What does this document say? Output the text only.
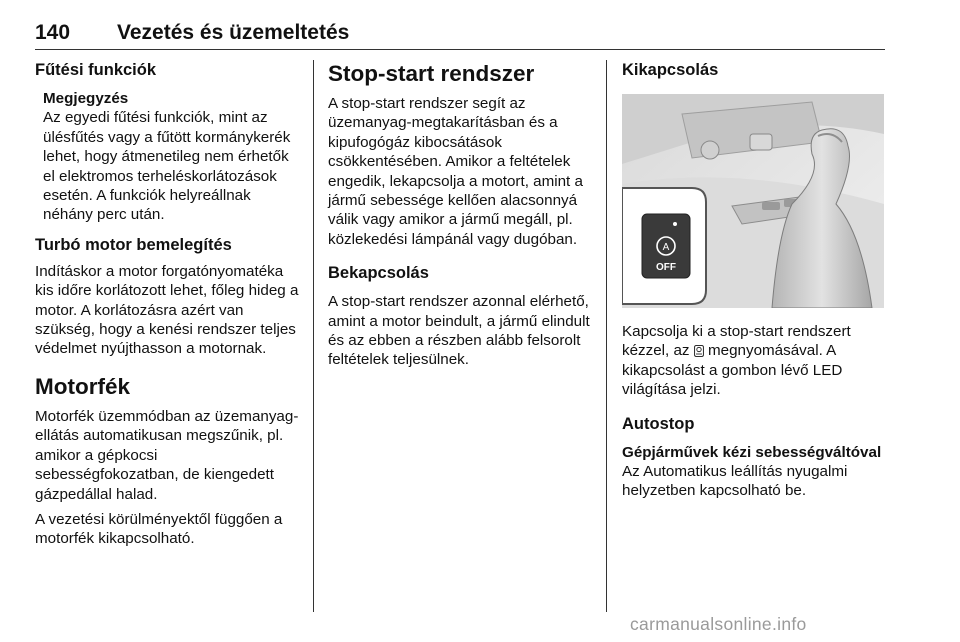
140 Vezetés és üzemeltetés
Fűtési funkciók
Megjegyzés

Az egyedi fűtési funkciók, mint az ülésfűtés vagy a fűtött kormánykerék lehet, hogy átmenetileg nem érhetők el elektromos terheléskorlátozások esetén. A funkciók helyreállnak néhány perc után.

Turbó motor bemelegítés

Indításkor a motor forgatónyomatéka kis időre korlátozott lehet, főleg hideg a motor. A korlátozásra azért van szükség, hogy a kenési rendszer teljes védelmet nyújthasson a motornak.

Motorfék

Motorfék üzemmódban az üzemanyag-ellátás automatikusan megszűnik, pl. amikor a gépkocsi sebességfokozatban, de kiengedett gázpedállal halad.

A vezetési körülményektől függően a motorfék kikapcsolható.

Stop-start rendszer

A stop-start rendszer segít az üzemanyag-megtakarításban és a kipufogógáz kibocsátások csökkentésében. Amikor a feltételek engedik, lekapcsolja a motort, amint a jármű sebessége kellően alacsonnyá válik vagy amikor a jármű megáll, pl. közlekedési lámpánál vagy dugóban.

Bekapcsolás

A stop-start rendszer azonnal elérhető, amint a motor beindult, a jármű elindult és az ebben a részben alább felsorolt feltételek teljesülnek.

Kikapcsolás
A
OFF

Kapcsolja ki a stop-start rendszert kézzel, az megnyomásával. A kikapcsolást a gombon lévő LED világítása jelzi.

Autostop
Gépjárművek kézi sebességváltóval

Az Automatikus leállítás nyugalmi helyzetben kapcsolható be.

carmanualsonline.info
